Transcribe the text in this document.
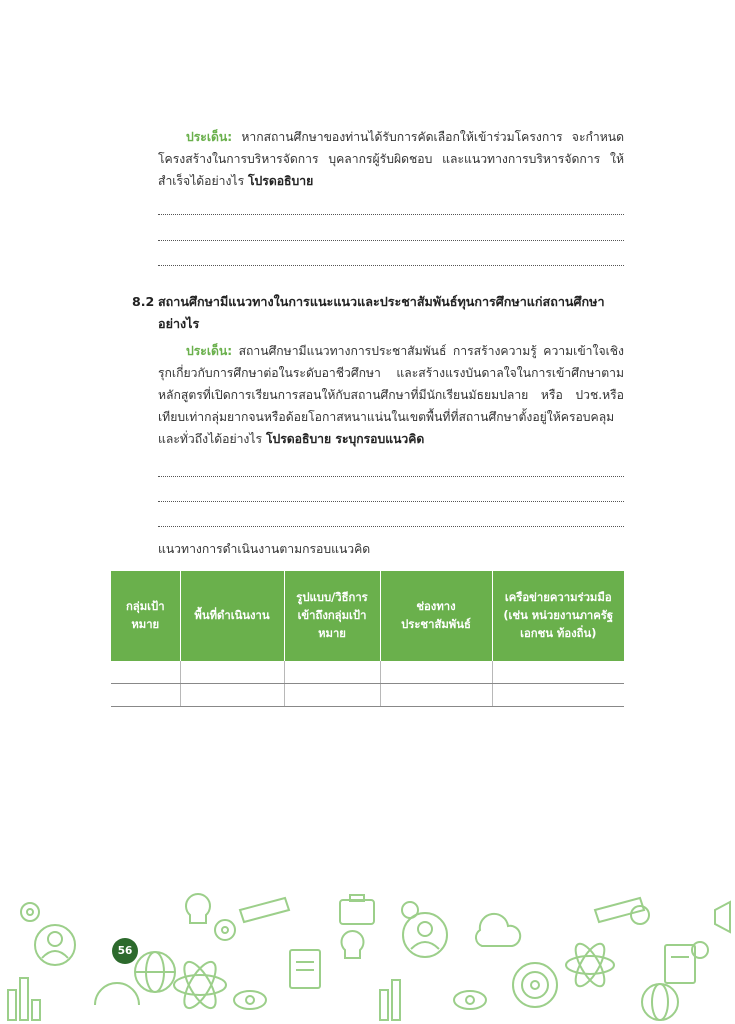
ประเด็น: หากสถานศึกษาของท่านได้รับการคัดเลือกให้เข้าร่วมโครงการ จะกำหนดโครงสร้างในการบริหารจัดการ บุคลากรผู้รับผิดชอบ และแนวทางการบริหารจัดการ ให้สำเร็จได้อย่างไร โปรดอธิบาย
8.2 สถานศึกษามีแนวทางในการแนะแนวและประชาสัมพันธ์ทุนการศึกษาแก่สถานศึกษาอย่างไร
ประเด็น: สถานศึกษามีแนวทางการประชาสัมพันธ์ การสร้างความรู้ ความเข้าใจเชิงรุกเกี่ยวกับการศึกษาต่อในระดับอาชีวศึกษา และสร้างแรงบันดาลใจในการเข้าศึกษาตามหลักสูตรที่เปิดการเรียนการสอนให้กับสถานศึกษาที่มีนักเรียนมัธยมปลาย หรือ ปวช.หรือเทียบเท่ากลุ่มยากจนหรือด้อยโอกาสหนาแน่นในเขตพื้นที่ที่สถานศึกษาตั้งอยู่ให้ครอบคลุมและทั่วถึงได้อย่างไร โปรดอธิบาย ระบุกรอบแนวคิด
แนวทางการดำเนินงานตามกรอบแนวคิด
กลุ่มเป้าหมาย	พื้นที่ดำเนินงาน	รูปแบบ/วิธีการเข้าถึงกลุ่มเป้าหมาย	ช่องทางประชาสัมพันธ์	เครือข่ายความร่วมมือ (เช่น หน่วยงานภาครัฐ เอกชน ท้องถิ่น)

56
